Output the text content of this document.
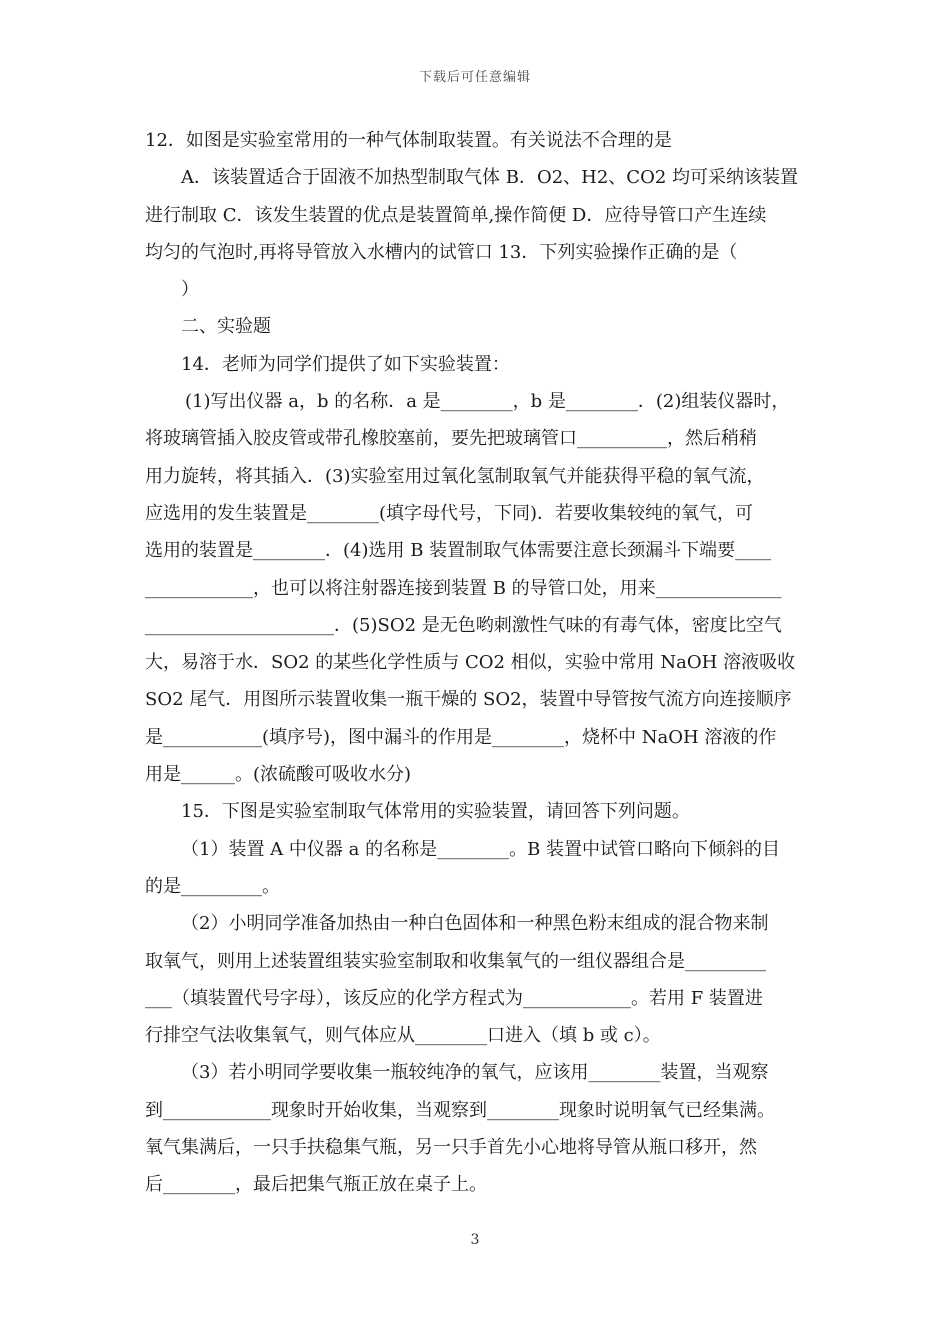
下载后可任意编辑
12．如图是实验室常用的一种气体制取装置。有关说法不合理的是
A．该装置适合于固液不加热型制取气体 B．O2、H2、CO2 均可采纳该装置
进行制取 C．该发生装置的优点是装置简单,操作简便 D．应待导管口产生连续
均匀的气泡时,再将导管放入水槽内的试管口 13．下列实验操作正确的是（
）
二、实验题
14．老师为同学们提供了如下实验装置：
(1)写出仪器 a，b 的名称．a 是________，b 是________．(2)组装仪器时，
将玻璃管插入胶皮管或带孔橡胶塞前，要先把玻璃管口__________，然后稍稍
用力旋转，将其插入．(3)实验室用过氧化氢制取氧气并能获得平稳的氧气流，
应选用的发生装置是________(填字母代号，下同)．若要收集较纯的氧气，可
选用的装置是________．(4)选用 B 装置制取气体需要注意长颈漏斗下端要____
____________，也可以将注射器连接到装置 B 的导管口处，用来______________
_____________________．(5)SO2 是无色哟刺激性气味的有毒气体，密度比空气
大，易溶于水．SO2 的某些化学性质与 CO2 相似，实验中常用 NaOH 溶液吸收
SO2 尾气．用图所示装置收集一瓶干燥的 SO2，装置中导管按气流方向连接顺序
是___________(填序号)，图中漏斗的作用是________，烧杯中 NaOH 溶液的作
用是______。(浓硫酸可吸收水分)
15．下图是实验室制取气体常用的实验装置，请回答下列问题。
（1）装置 A 中仪器 a 的名称是________。B 装置中试管口略向下倾斜的目
的是_________。
（2）小明同学准备加热由一种白色固体和一种黑色粉末组成的混合物来制
取氧气，则用上述装置组装实验室制取和收集氧气的一组仪器组合是_________
___（填装置代号字母），该反应的化学方程式为____________。若用 F 装置进
行排空气法收集氧气，则气体应从________口进入（填 b 或 c）。
（3）若小明同学要收集一瓶较纯净的氧气，应该用________装置，当观察
到____________现象时开始收集，当观察到________现象时说明氧气已经集满。
氧气集满后，一只手扶稳集气瓶，另一只手首先小心地将导管从瓶口移开，然
后________，最后把集气瓶正放在桌子上。
3
